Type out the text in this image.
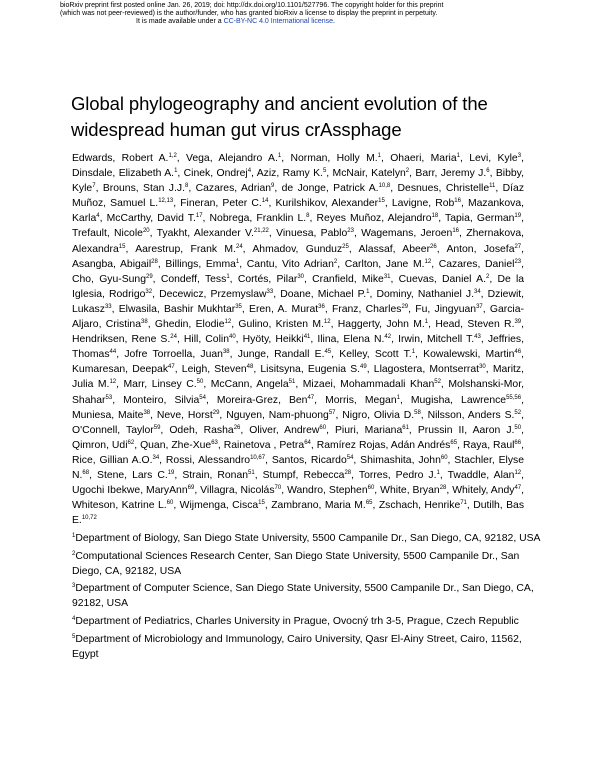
bioRxiv preprint first posted online Jan. 26, 2019; doi: http://dx.doi.org/10.1101/527796. The copyright holder for this preprint
(which was not peer-reviewed) is the author/funder, who has granted bioRxiv a license to display the preprint in perpetuity.
It is made available under a CC-BY-NC 4.0 International license.
Global phylogeography and ancient evolution of the widespread human gut virus crAssphage

Edwards, Robert A.$^{1,2}$, Vega, Alejandro A.$^1$, Norman, Holly M.$^1$, Ohaeri, Maria$^1$, Levi, Kyle$^3$, Dinsdale, Elizabeth A.$^1$, Cinek, Ondrej$^4$, Aziz, Ramy K.$^5$, McNair, Katelyn$^2$, Barr, Jeremy J.$^6$, Bibby, Kyle$^7$, Brouns, Stan J.J.$^8$, Cazares, Adrian$^9$, de Jonge, Patrick A.$^{10,8}$, Desnues, Christelle$^{11}$, Díaz Muñoz, Samuel L.$^{12,13}$, Fineran, Peter C.$^{14}$, Kurilshikov, Alexander$^{15}$, Lavigne, Rob$^{16}$, Mazankova, Karla$^4$, McCarthy, David T.$^{17}$, Nobrega, Franklin L.$^8$, Reyes Muñoz, Alejandro$^{18}$, Tapia, German$^{19}$, Trefault, Nicole$^{20}$, Tyakht, Alexander V.$^{21,22}$, Vinuesa, Pablo$^{23}$, Wagemans, Jeroen$^{16}$, Zhernakova, Alexandra$^{15}$, Aarestrup, Frank M.$^{24}$, Ahmadov, Gunduz$^{25}$, Alassaf, Abeer$^{26}$, Anton, Josefa$^{27}$, Asangba, Abigail$^{28}$, Billings, Emma$^1$, Cantu, Vito Adrian$^2$, Carlton, Jane M.$^{12}$, Cazares, Daniel$^{23}$, Cho, Gyu-Sung$^{29}$, Condeff, Tess$^1$, Cortés, Pilar$^{30}$, Cranfield, Mike$^{31}$, Cuevas, Daniel A.$^2$, De la Iglesia, Rodrigo$^{32}$, Decewicz, Przemyslaw$^{33}$, Doane, Michael P.$^1$, Dominy, Nathaniel J.$^{34}$, Dziewit, Lukasz$^{33}$, Elwasila, Bashir Mukhtar$^{35}$, Eren, A. Murat$^{36}$, Franz, Charles$^{29}$, Fu, Jingyuan$^{37}$, Garcia-Aljaro, Cristina$^{38}$, Ghedin, Elodie$^{12}$, Gulino, Kristen M.$^{12}$, Haggerty, John M.$^1$, Head, Steven R.$^{39}$, Hendriksen, Rene S.$^{24}$, Hill, Colin$^{40}$, Hyöty, Heikki$^{41}$, Ilina, Elena N.$^{42}$, Irwin, Mitchell T.$^{43}$, Jeffries, Thomas$^{44}$, Jofre Torroella, Juan$^{38}$, Junge, Randall E.$^{45}$, Kelley, Scott T.$^1$, Kowalewski, Martin$^{46}$, Kumaresan, Deepak$^{47}$, Leigh, Steven$^{48}$, Lisitsyna, Eugenia S.$^{49}$, Llagostera, Montserrat$^{30}$, Maritz, Julia M.$^{12}$, Marr, Linsey C.$^{50}$, McCann, Angela$^{51}$, Mizaei, Mohammadali Khan$^{52}$, Molshanski-Mor, Shahar$^{53}$, Monteiro, Silvia$^{54}$, Moreira-Grez, Ben$^{47}$, Morris, Megan$^1$, Mugisha, Lawrence$^{55,56}$, Muniesa, Maite$^{38}$, Neve, Horst$^{29}$, Nguyen, Nam-phuong$^{57}$, Nigro, Olivia D.$^{58}$, Nilsson, Anders S.$^{52}$, O'Connell, Taylor$^{59}$, Odeh, Rasha$^{26}$, Oliver, Andrew$^{60}$, Piuri, Mariana$^{61}$, Prussin II, Aaron J.$^{50}$, Qimron, Udi$^{62}$, Quan, Zhe-Xue$^{63}$, Rainetova , Petra$^{64}$, Ramírez Rojas, Adán Andrés$^{65}$, Raya, Raul$^{66}$, Rice, Gillian A.O.$^{34}$, Rossi, Alessandro$^{10,67}$, Santos, Ricardo$^{54}$, Shimashita, John$^{60}$, Stachler, Elyse N.$^{68}$, Stene, Lars C.$^{19}$, Strain, Ronan$^{51}$, Stumpf, Rebecca$^{28}$, Torres, Pedro J.$^1$, Twaddle, Alan$^{12}$, Ugochi Ibekwe, MaryAnn$^{69}$, Villagra, Nicolás$^{70}$, Wandro, Stephen$^{60}$, White, Bryan$^{28}$, Whitely, Andy$^{47}$, Whiteson, Katrine L.$^{60}$, Wijmenga, Cisca$^{15}$, Zambrano, Maria M.$^{65}$, Zschach, Henrike$^{71}$, Dutilh, Bas E.$^{10,72}$

$^1$Department of Biology, San Diego State University, 5500 Campanile Dr., San Diego, CA, 92182, USA
$^2$Computational Sciences Research Center, San Diego State University, 5500 Campanile Dr., San Diego, CA, 92182, USA
$^3$Department of Computer Science, San Diego State University, 5500 Campanile Dr., San Diego, CA, 92182, USA
$^4$Department of Pediatrics, Charles University in Prague, Ovocný trh 3-5, Prague, Czech Republic
$^5$Department of Microbiology and Immunology, Cairo University, Qasr El-Ainy Street, Cairo, 11562, Egypt
